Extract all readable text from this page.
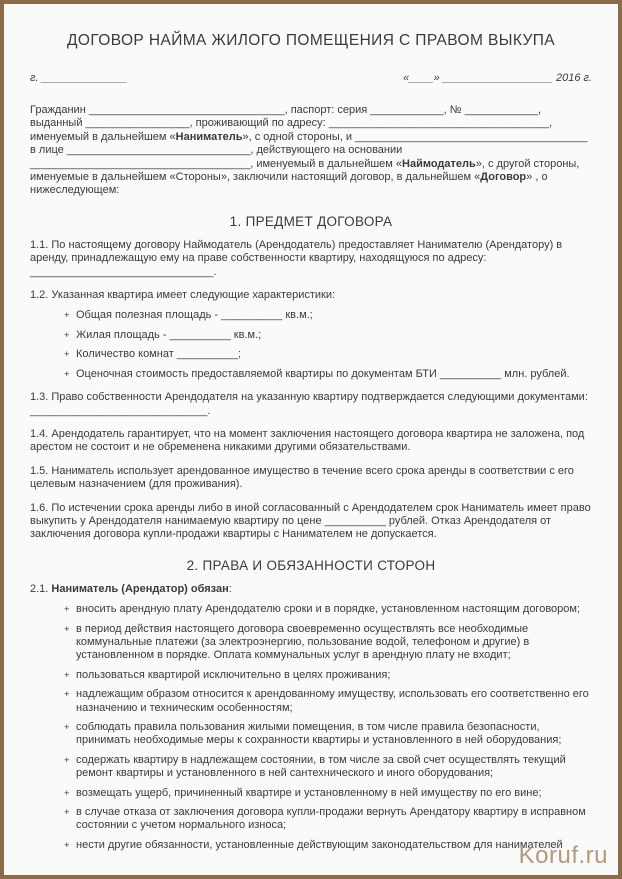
ДОГОВОР НАЙМА ЖИЛОГО ПОМЕЩЕНИЯ С ПРАВОМ ВЫКУПА
г. ______________	«____» __________________ 2016 г.

Гражданин ________________________________, паспорт: серия ____________, № ____________, выданный _________________, проживающий по адресу: ____________________________________, именуемый в дальнейшем «Наниматель», с одной стороны, и ______________________________________ в лице ______________________________, действующего на основании ____________________________________, именуемый в дальнейшем «Наймодатель», с другой стороны, именуемые в дальнейшем «Стороны», заключили настоящий договор, в дальнейшем «Договор» , о нижеследующем:

1. ПРЕДМЕТ ДОГОВОРА

1.1. По настоящему договору Наймодатель (Арендодатель) предоставляет Нанимателю (Арендатору) в аренду, принадлежащую ему на праве собственности квартиру, находящуюся по адресу:
______________________________.

1.2. Указанная квартира имеет следующие характеристики:

+ Общая полезная площадь - __________ кв.м.;
+ Жилая площадь - __________ кв.м.;
+ Количество комнат __________;
+ Оценочная стоимость предоставляемой квартиры по документам БТИ __________ млн. рублей.

1.3. Право собственности Арендодателя на указанную квартиру подтверждается следующими документами: _____________________________.

1.4. Арендодатель гарантирует, что на момент заключения настоящего договора квартира не заложена, под арестом не состоит и не обременена никакими другими обязательствами.

1.5. Наниматель использует арендованное имущество в течение всего срока аренды в соответствии с его целевым назначением (для проживания).

1.6. По истечении срока аренды либо в иной согласованный с Арендодателем срок Наниматель имеет право выкупить у Арендодателя нанимаемую квартиру по цене __________ рублей. Отказ Арендодателя от заключения договора купли-продажи квартиры с Нанимателем не допускается.

2. ПРАВА И ОБЯЗАННОСТИ СТОРОН

2.1. Наниматель (Арендатор) обязан:

+ вносить арендную плату Арендодателю сроки и в порядке, установленном настоящим договором;
+ в период действия настоящего договора своевременно осуществлять все необходимые коммунальные платежи (за электроэнергию, пользование водой, телефоном и другие) в установленном в порядке. Оплата коммунальных услуг в арендную плату не входит;
+ пользоваться квартирой исключительно в целях проживания;
+ надлежащим образом относится к арендованному имуществу, использовать его соответственно его назначению и техническим особенностям;
+ соблюдать правила пользования жилыми помещения, в том числе правила безопасности, принимать необходимые меры к сохранности квартиры и установленного в ней оборудования;
+ содержать квартиру в надлежащем состоянии, в том числе за свой счет осуществлять текущий ремонт квартиры и установленного в ней сантехнического и иного оборудования;
+ возмещать ущерб, причиненный квартире и установленному в ней имуществу по его вине;
+ в случае отказа от заключения договора купли-продажи вернуть Арендатору квартиру в исправном состоянии с учетом нормального износа;
+ нести другие обязанности, установленные действующим законодательством для нанимателей
Koruf.ru
